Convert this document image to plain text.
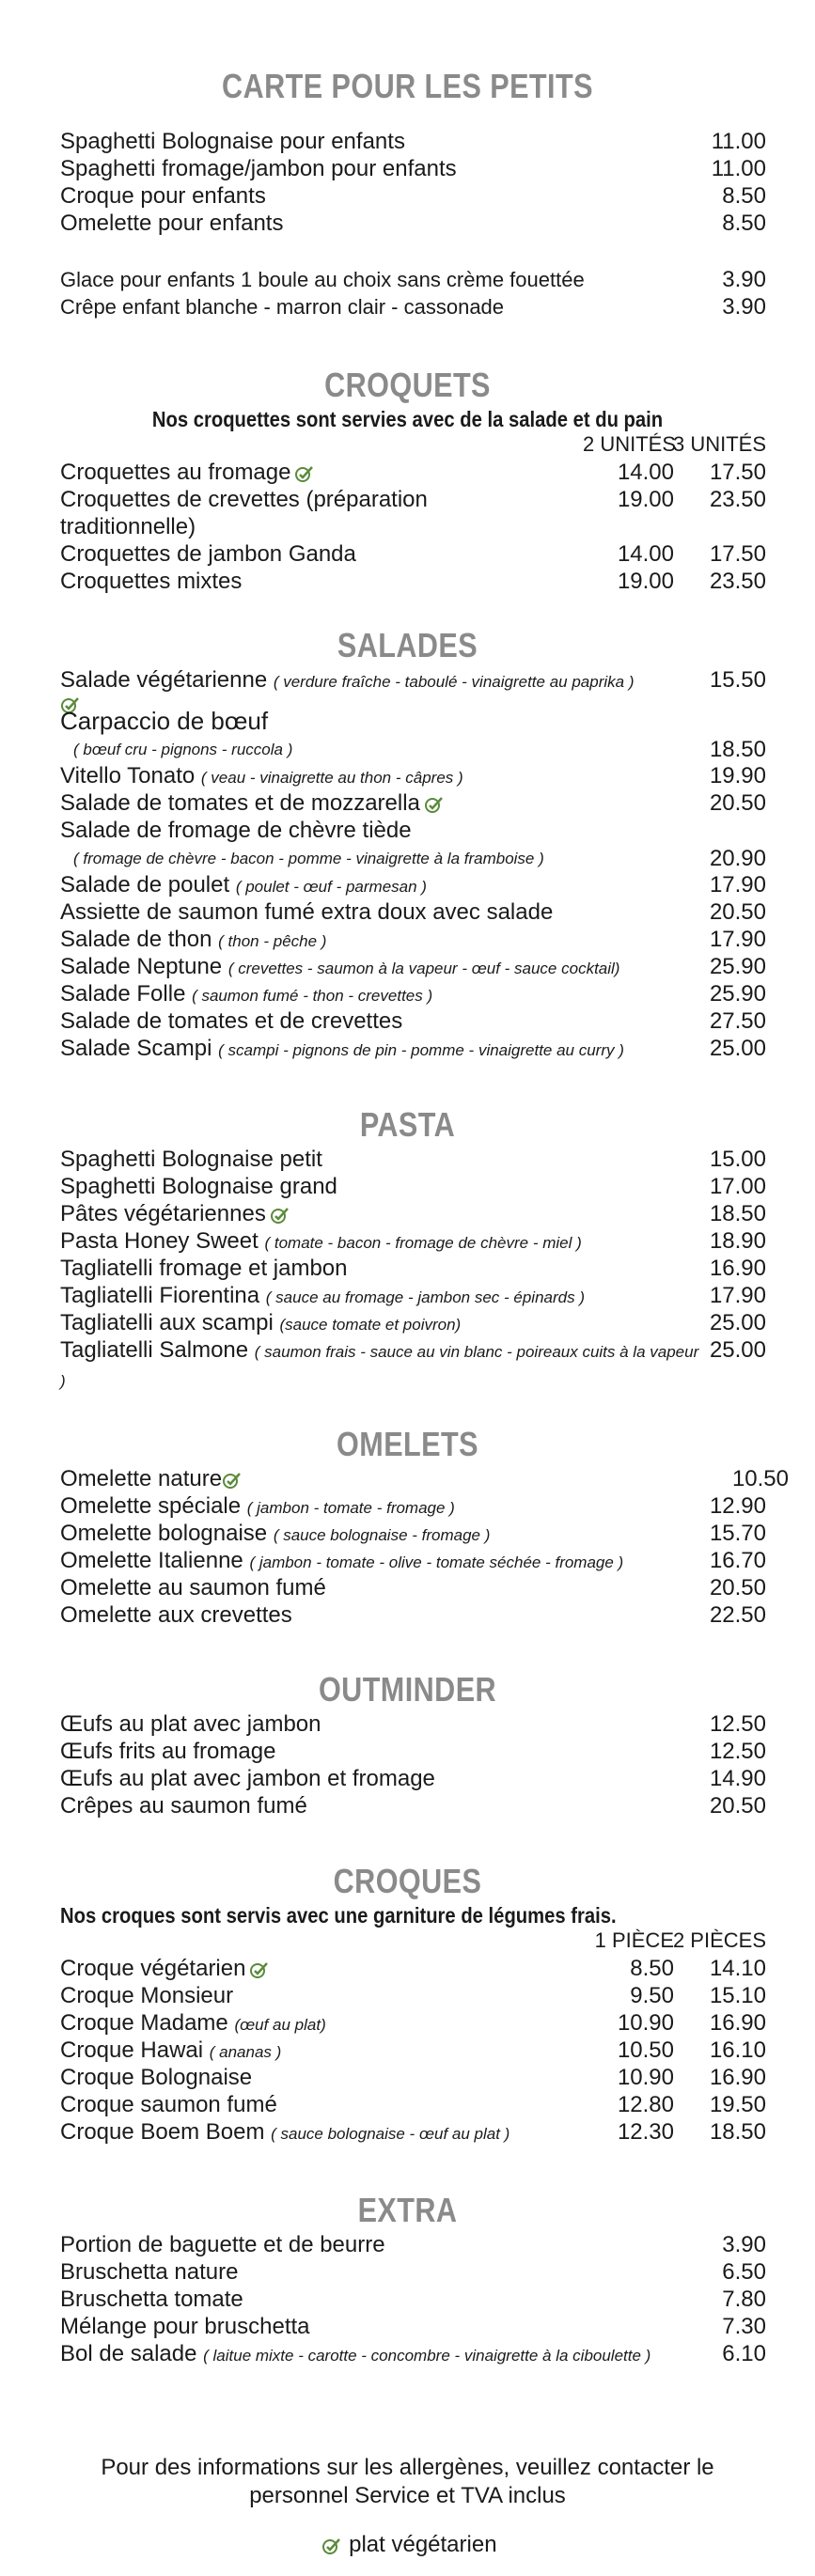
CARTE POUR LES PETITS
Spaghetti Bolognaise pour enfants	11.00
Spaghetti fromage/jambon pour enfants	11.00
Croque pour enfants	8.50
Omelette pour enfants	8.50
Glace pour enfants 1 boule au choix sans crème fouettée	3.90
Crêpe enfant blanche - marron clair - cassonade	3.90
CROQUETS
Nos croquettes sont servies avec de la salade et du pain
2 UNITÉS
3 UNITÉS
Croquettes au fromage	14.00 17.50
Croquettes de crevettes (préparation traditionnelle)
19.00 23.50
Croquettes de jambon Ganda	14.00 17.50
Croquettes mixtes	19.00 23.50
SALADES
Salade végétarienne ( verdure fraîche - taboulé - vinaigrette au paprika )	15.50
Carpaccio de bœuf
( bœuf cru - pignons - ruccola )	18.50
Vitello Tonato ( veau - vinaigrette au thon - câpres )	19.90
Salade de tomates et de mozzarella	20.50
Salade de fromage de chèvre tiède
( fromage de chèvre - bacon - pomme - vinaigrette à la framboise )	20.90
Salade de poulet ( poulet - œuf - parmesan )	17.90
Assiette de saumon fumé extra doux avec salade	20.50
Salade de thon ( thon - pêche )	17.90
Salade Neptune ( crevettes - saumon à la vapeur - œuf - sauce cocktail)	25.90
Salade Folle ( saumon fumé - thon - crevettes )	25.90
Salade de tomates et de crevettes	27.50
Salade Scampi ( scampi - pignons de pin - pomme - vinaigrette au curry )	25.00
PASTA
Spaghetti Bolognaise petit	15.00
Spaghetti Bolognaise grand	17.00
Pâtes végétariennes	18.50
Pasta Honey Sweet ( tomate - bacon - fromage de chèvre - miel )	18.90
Tagliatelli fromage et jambon	16.90
Tagliatelli Fiorentina ( sauce au fromage - jambon sec - épinards )	17.90
Tagliatelli aux scampi (sauce tomate et poivron)	25.00
Tagliatelli Salmone ( saumon frais - sauce au vin blanc - poireaux cuits à la vapeur )
25.00
OMELETS
Omelette nature	10.50
Omelette spéciale ( jambon - tomate - fromage )	12.90
Omelette bolognaise ( sauce bolognaise - fromage )	15.70
Omelette Italienne ( jambon - tomate - olive - tomate séchée - fromage )	16.70
Omelette au saumon fumé	20.50
Omelette aux crevettes	22.50
OUTMINDER
Œufs au plat avec jambon	12.50
Œufs frits au fromage	12.50
Œufs au plat avec jambon et fromage	14.90
Crêpes au saumon fumé	20.50
CROQUES
Nos croques sont servis avec une garniture de légumes frais.
1 PIÈCE
2 PIÈCES
Croque végétarien	8.50 14.10
Croque Monsieur	9.50 15.10
Croque Madame (œuf au plat)	10.90 16.90
Croque Hawai ( ananas )	10.50 16.10
Croque Bolognaise	10.90 16.90
Croque saumon fumé	12.80 19.50
Croque Boem Boem ( sauce bolognaise - œuf au plat )	12.30 18.50
EXTRA
Portion de baguette et de beurre	3.90
Bruschetta nature	6.50
Bruschetta tomate	7.80
Mélange pour bruschetta	7.30
Bol de salade ( laitue mixte - carotte - concombre - vinaigrette à la ciboulette )	6.10
Pour des informations sur les allergènes, veuillez contacter le
personnel Service et TVA inclus
plat végétarien
